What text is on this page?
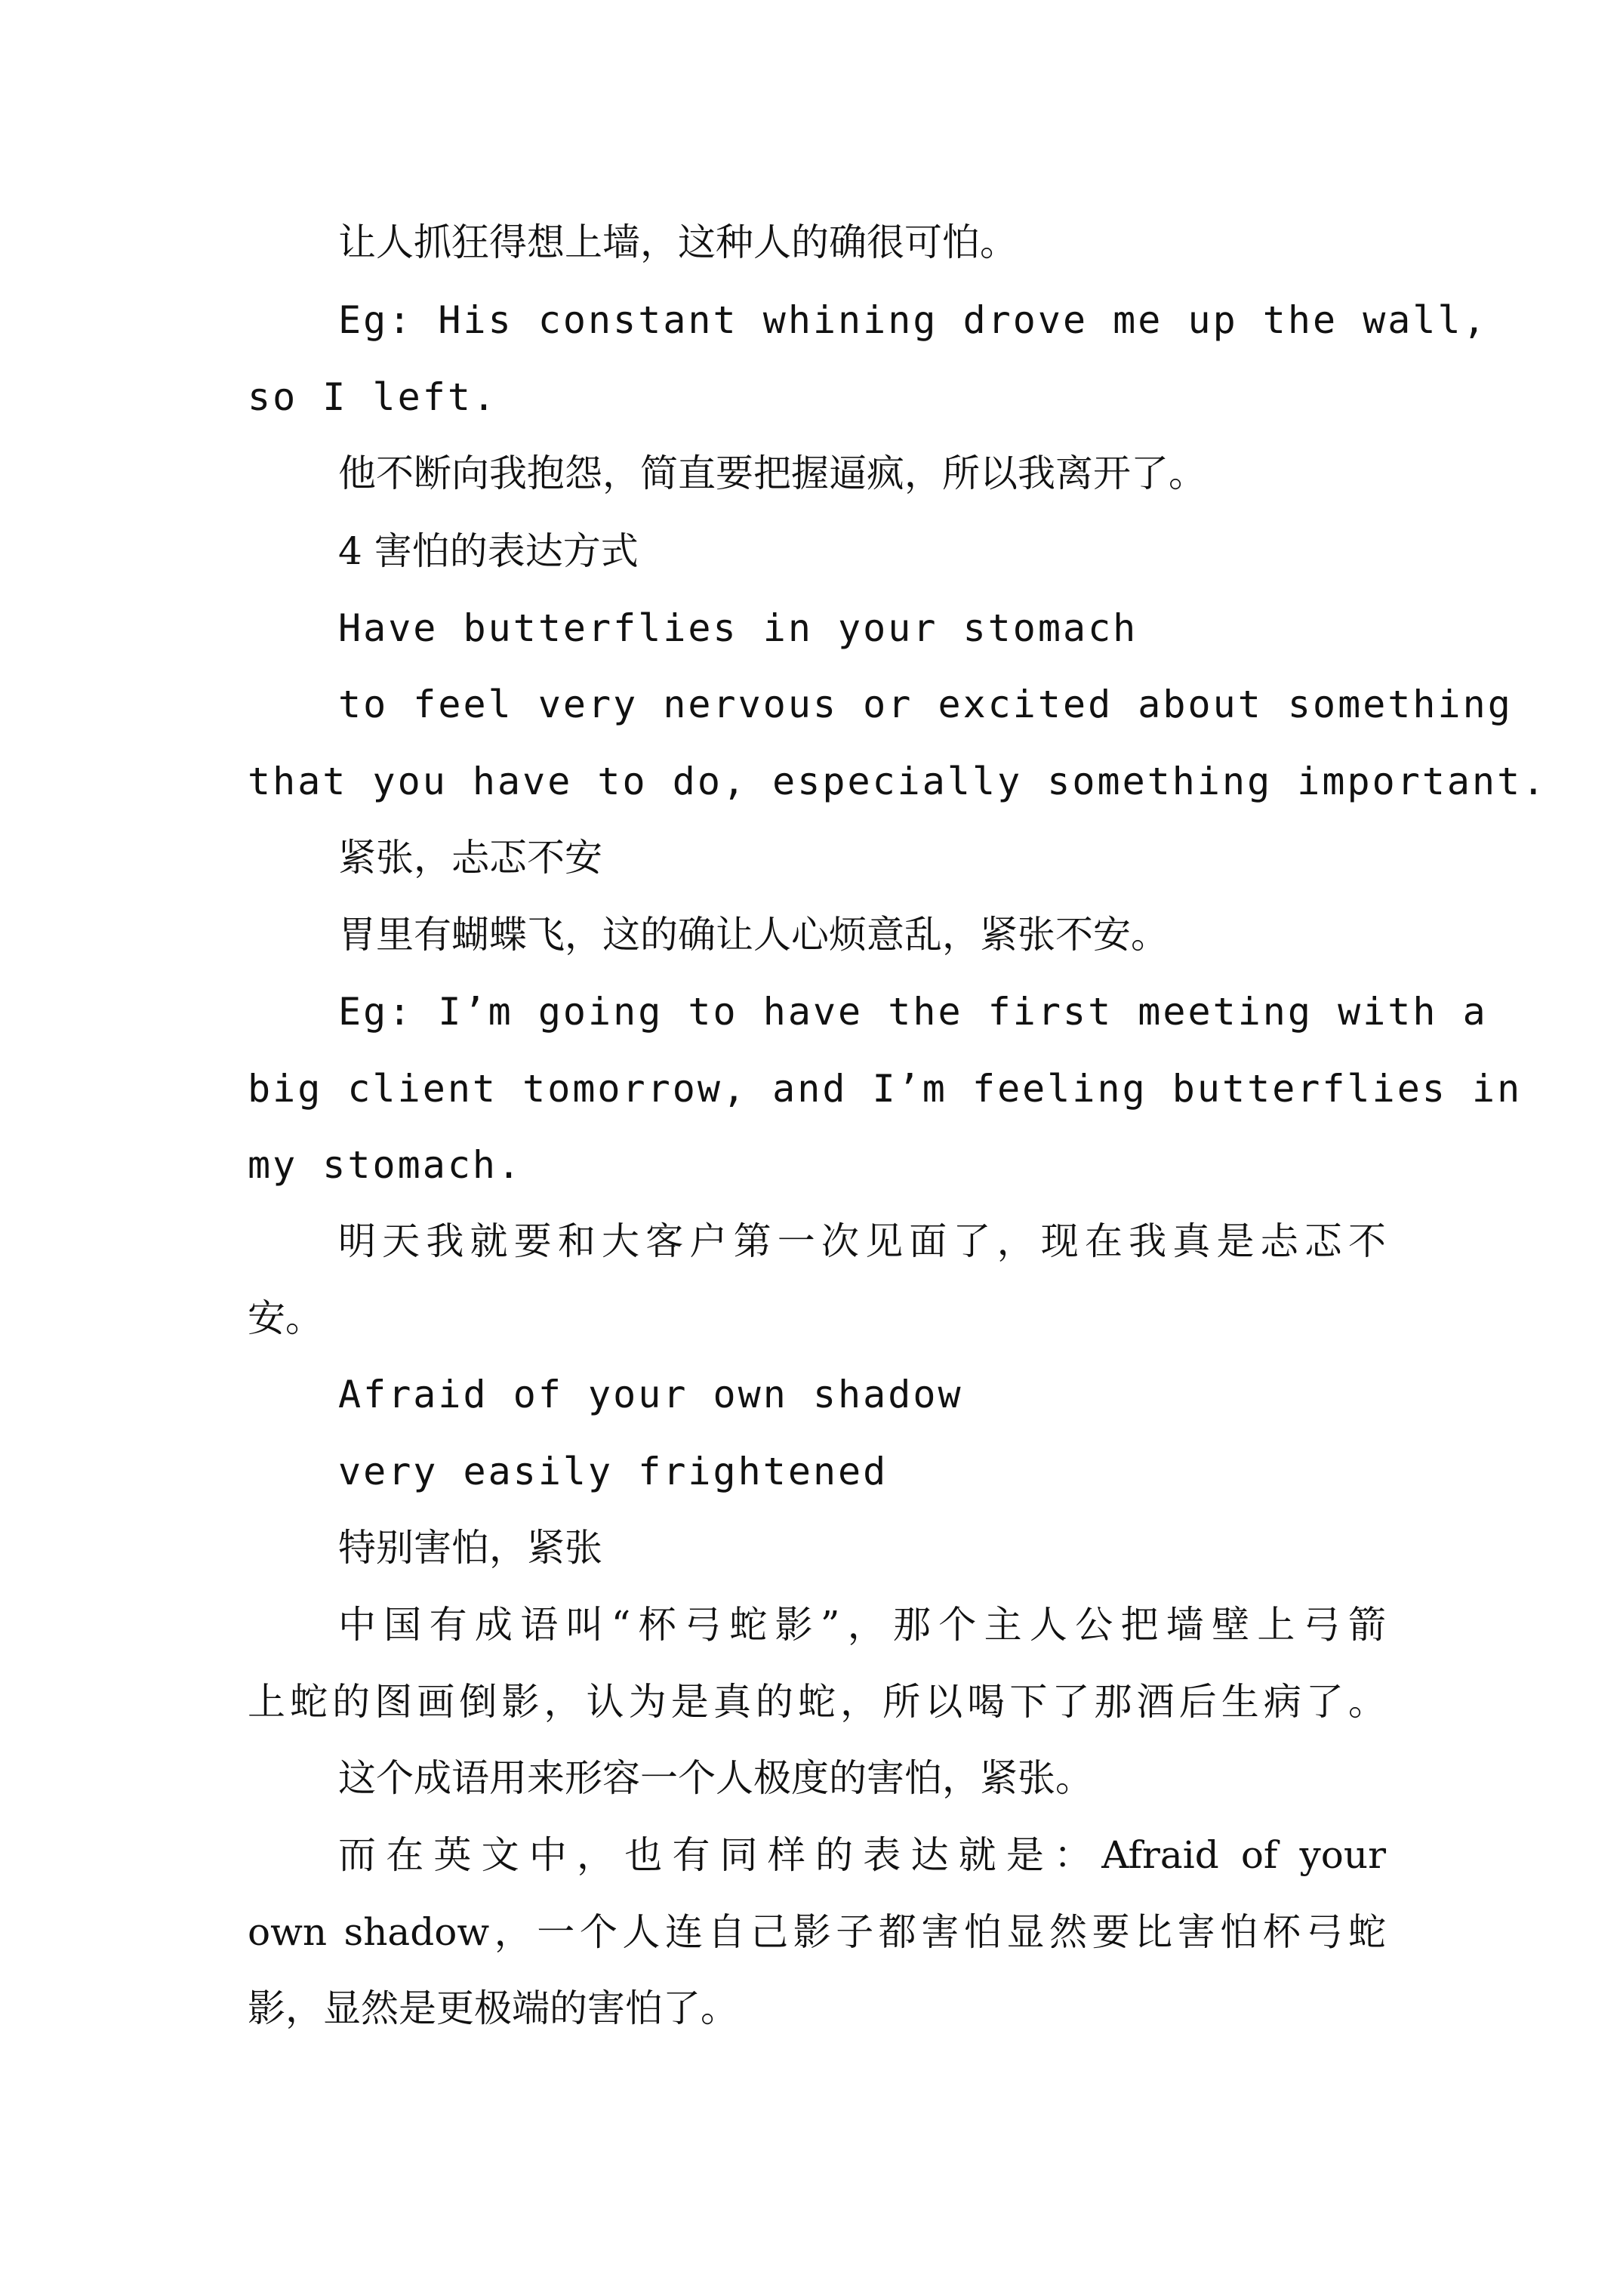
让人抓狂得想上墙，这种人的确很可怕。

Eg: His constant whining drove me up the wall,

so I left.

他不断向我抱怨，简直要把握逼疯，所以我离开了。

4 害怕的表达方式

Have butterflies in your stomach

to feel very nervous or excited about something

that you have to do, especially something important.

紧张，忐忑不安

胃里有蝴蝶飞，这的确让人心烦意乱，紧张不安。

Eg: I’m going to have the first meeting with a

big client tomorrow, and I’m feeling butterflies in

my stomach.

明天我就要和大客户第一次见面了，现在我真是忐忑不

安。

Afraid of your own shadow

very easily frightened

特别害怕，紧张

中国有成语叫“杯弓蛇影”，那个主人公把墙壁上弓箭

上蛇的图画倒影，认为是真的蛇，所以喝下了那酒后生病了。

这个成语用来形容一个人极度的害怕，紧张。

而在英文中，也有同样的表达就是：Afraid of your

own shadow，一个人连自己影子都害怕显然要比害怕杯弓蛇

影，显然是更极端的害怕了。
